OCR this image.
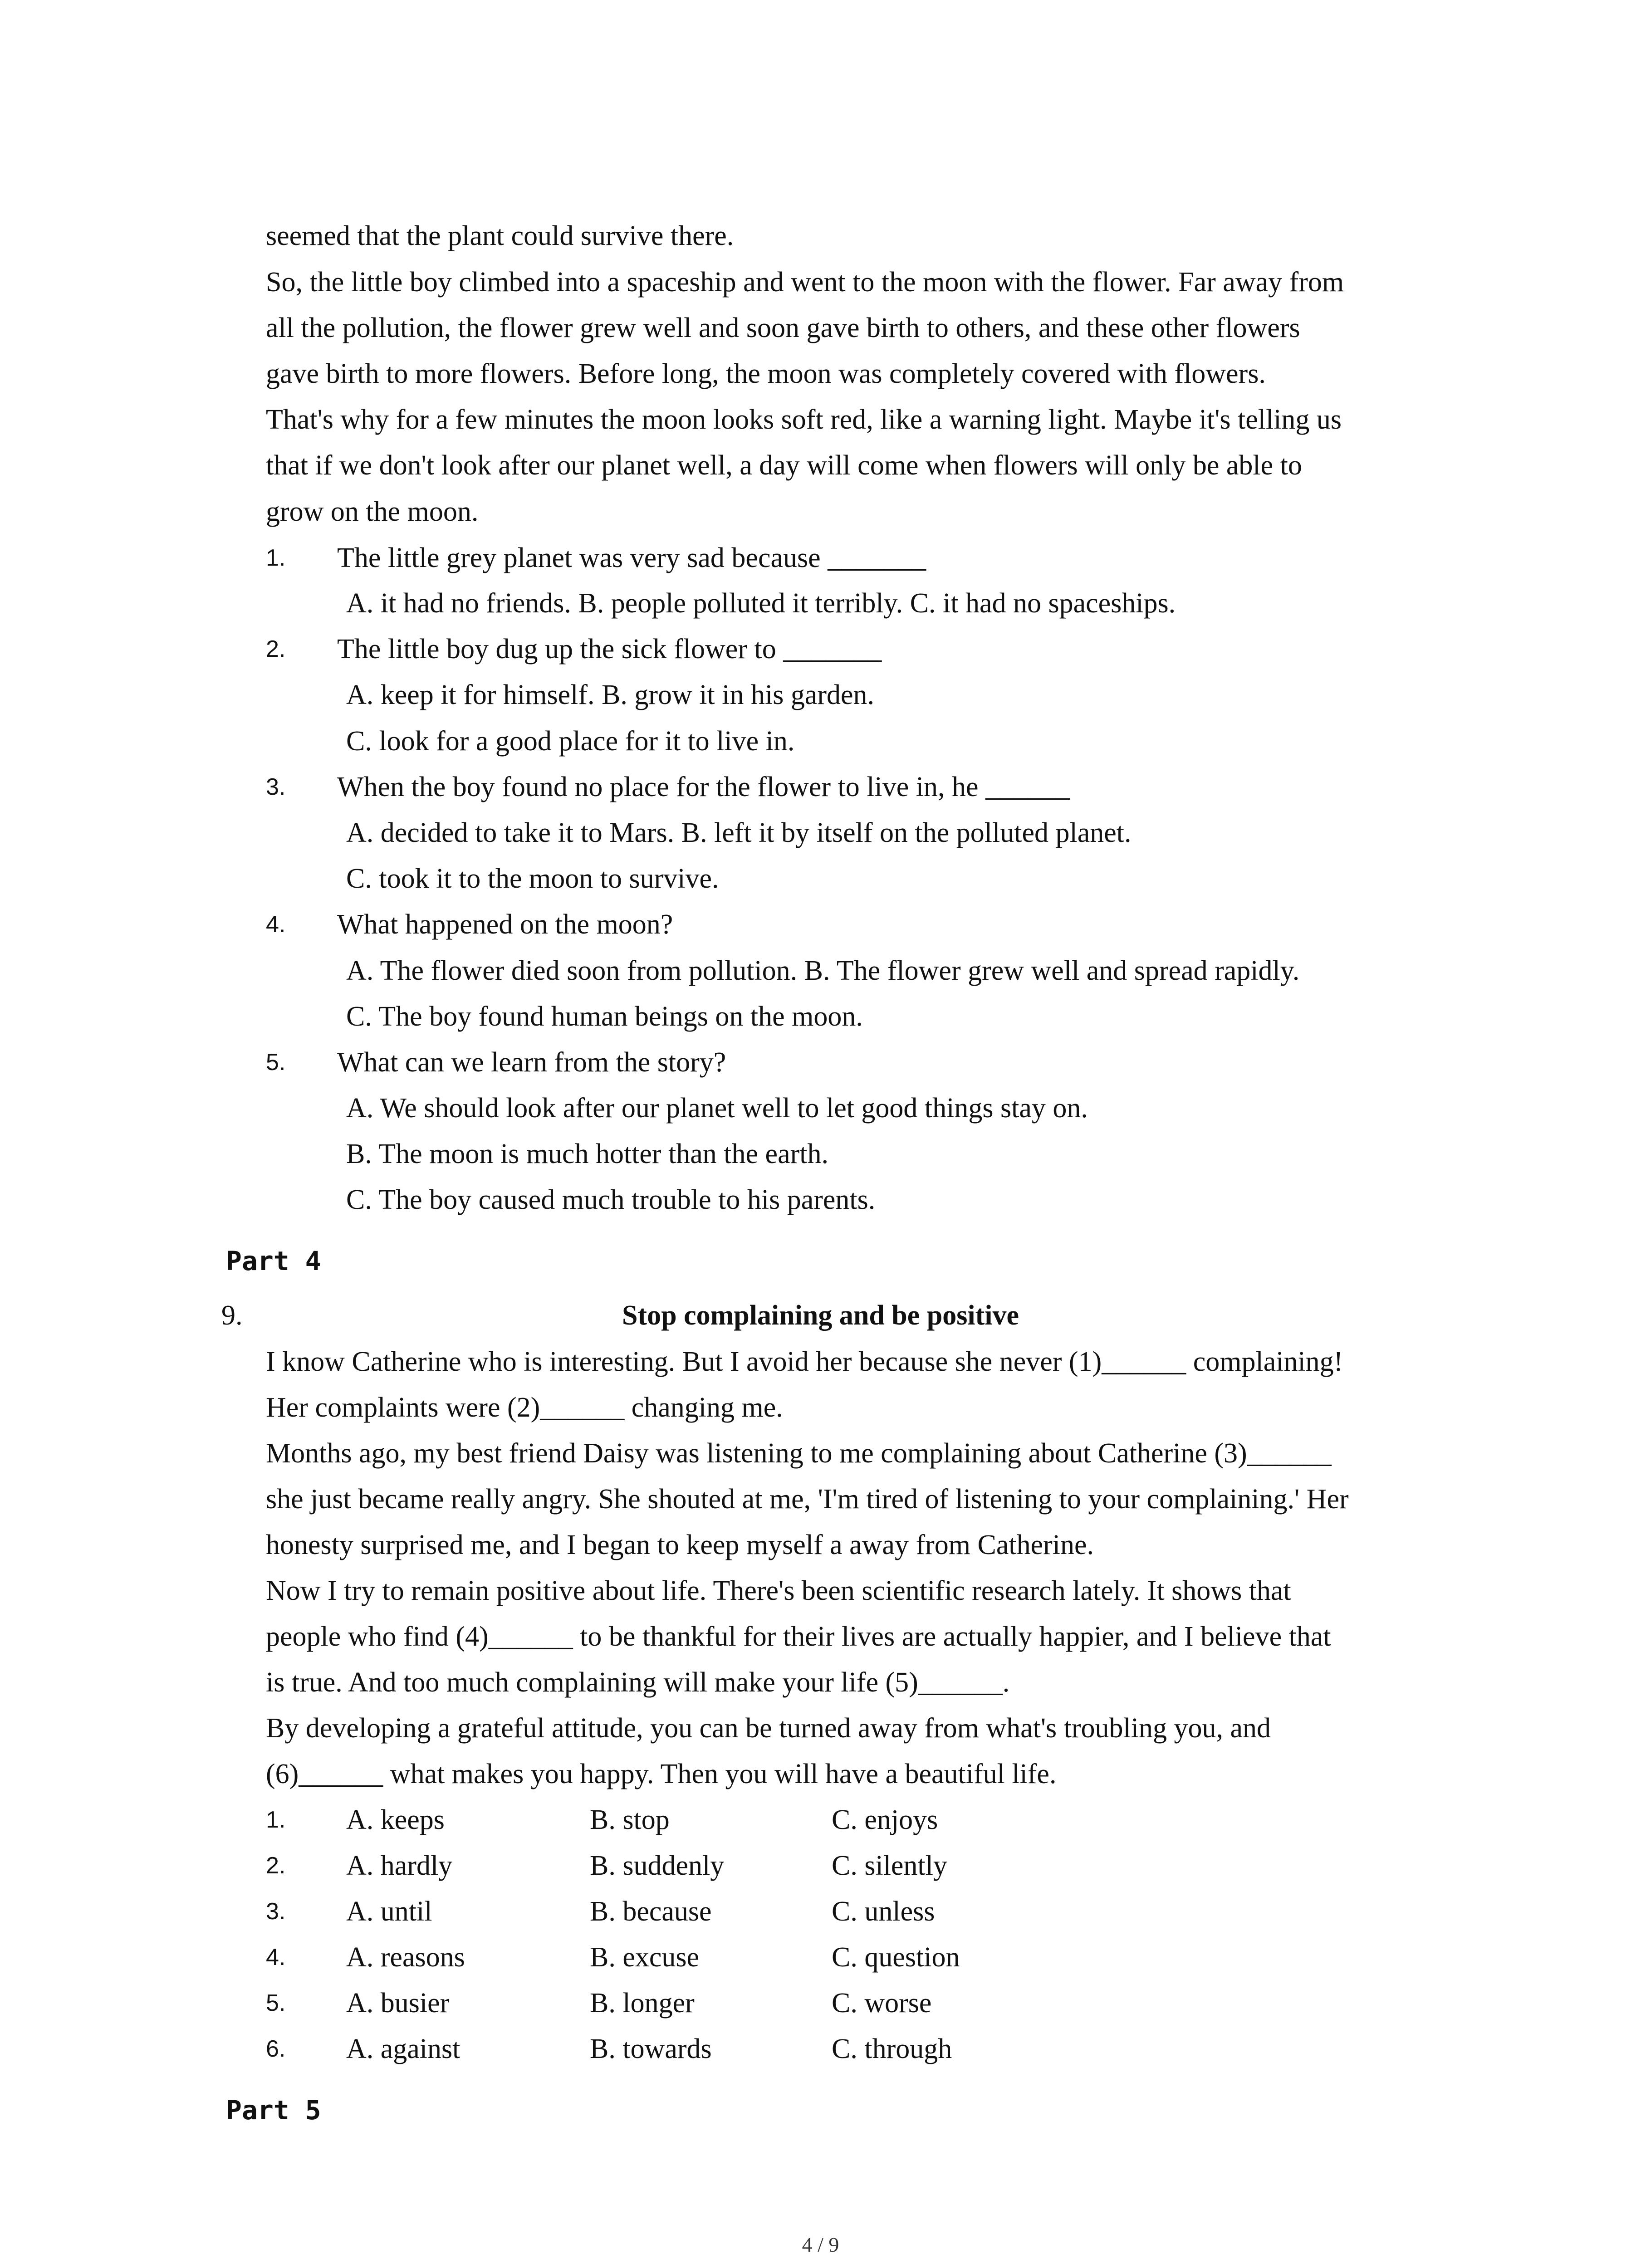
seemed that the plant could survive there.
So, the little boy climbed into a spaceship and went to the moon with the flower. Far away from
all the pollution, the flower grew well and soon gave birth to others, and these other flowers
gave birth to more flowers. Before long, the moon was completely covered with flowers.
That's why for a few minutes the moon looks soft red, like a warning light. Maybe it's telling us
that if we don't look after our planet well, a day will come when flowers will only be able to
grow on the moon.
1. The little grey planet was very sad because _______
A. it had no friends. B. people polluted it terribly. C. it had no spaceships.
2. The little boy dug up the sick flower to _______
A. keep it for himself. B. grow it in his garden.
C. look for a good place for it to live in.
3. When the boy found no place for the flower to live in, he ______
A. decided to take it to Mars. B. left it by itself on the polluted planet.
C. took it to the moon to survive.
4. What happened on the moon?
A. The flower died soon from pollution. B. The flower grew well and spread rapidly.
C. The boy found human beings on the moon.
5. What can we learn from the story?
A. We should look after our planet well to let good things stay on.
B. The moon is much hotter than the earth.
C. The boy caused much trouble to his parents.
Part 4
9.	Stop complaining and be positive
I know Catherine who is interesting. But I avoid her because she never (1)______ complaining!
Her complaints were (2)______ changing me.
Months ago, my best friend Daisy was listening to me complaining about Catherine (3)______
she just became really angry. She shouted at me, 'I'm tired of listening to your complaining.' Her
honesty surprised me, and I began to keep myself a away from Catherine.
Now I try to remain positive about life. There's been scientific research lately. It shows that
people who find (4)______ to be thankful for their lives are actually happier, and I believe that
is true. And too much complaining will make your life (5)______.
By developing a grateful attitude, you can be turned away from what's troubling you, and
(6)______ what makes you happy. Then you will have a beautiful life.
1. A. keeps	B. stop	C. enjoys
2. A. hardly	B. suddenly	C. silently
3. A. until	B. because	C. unless
4. A. reasons	B. excuse	C. question
5. A. busier	B. longer	C. worse
6. A. against	B. towards	C. through
Part 5
4 / 9
